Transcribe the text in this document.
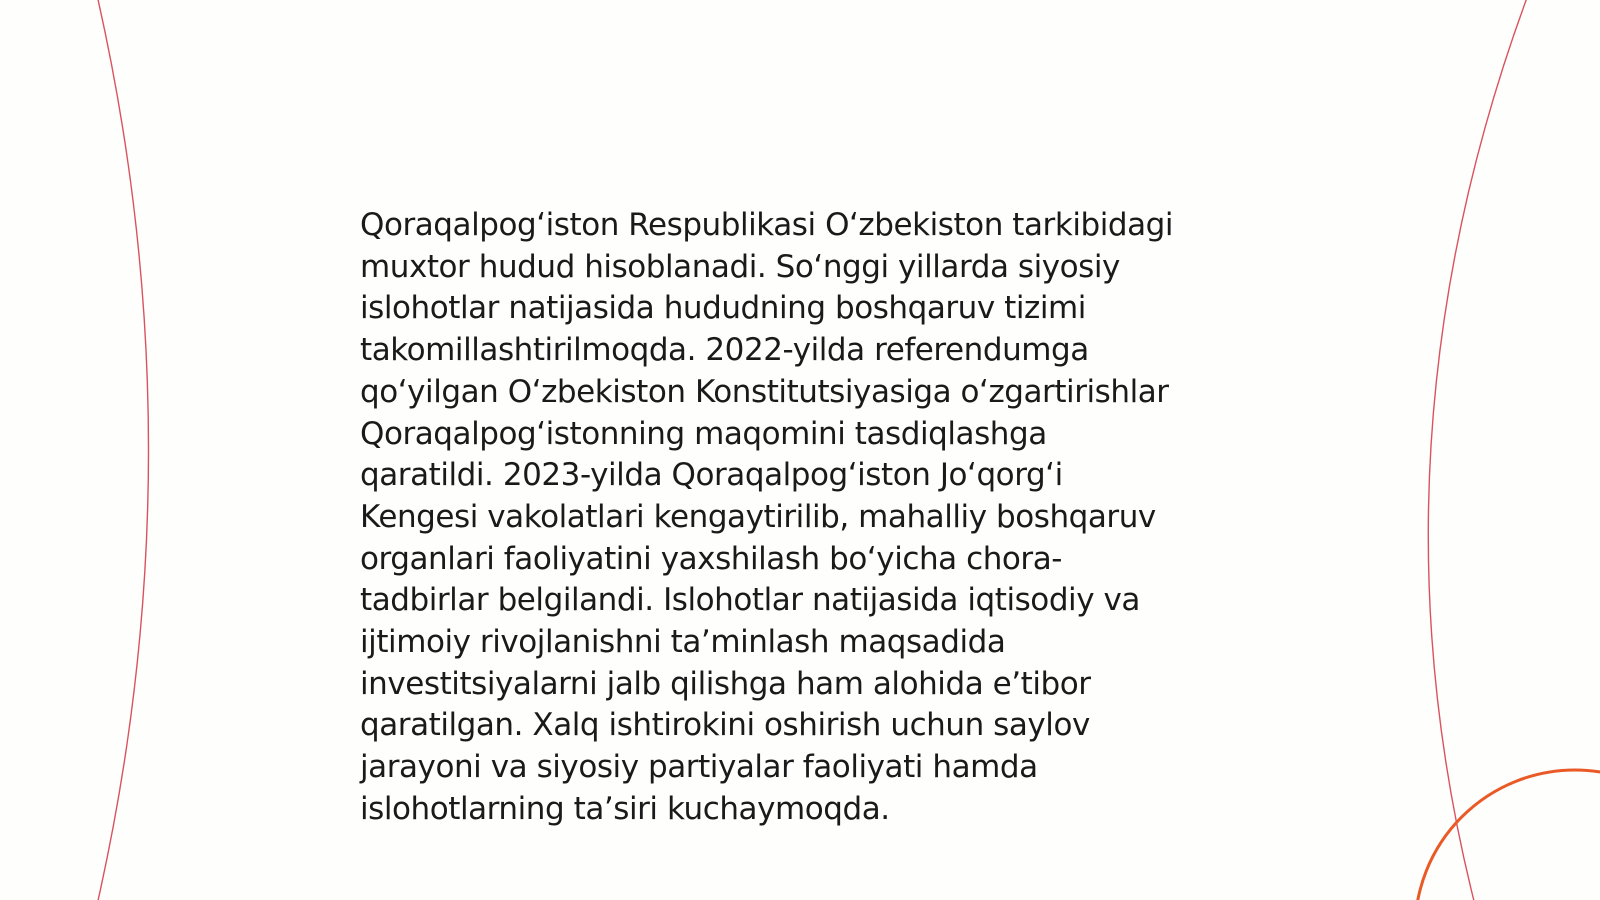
Qoraqalpog‘iston Respublikasi O‘zbekiston tarkibidagi
muxtor hudud hisoblanadi. So‘nggi yillarda siyosiy
islohotlar natijasida hududning boshqaruv tizimi
takomillashtirilmoqda. 2022-yilda referendumga
qo‘yilgan O‘zbekiston Konstitutsiyasiga o‘zgartirishlar
Qoraqalpog‘istonning maqomini tasdiqlashga
qaratildi. 2023-yilda Qoraqalpog‘iston Jo‘qorg‘i
Kengesi vakolatlari kengaytirilib, mahalliy boshqaruv
organlari faoliyatini yaxshilash bo‘yicha chora-
tadbirlar belgilandi. Islohotlar natijasida iqtisodiy va
ijtimoiy rivojlanishni ta’minlash maqsadida
investitsiyalarni jalb qilishga ham alohida e’tibor
qaratilgan. Xalq ishtirokini oshirish uchun saylov
jarayoni va siyosiy partiyalar faoliyati hamda
islohotlarning ta’siri kuchaymoqda.
